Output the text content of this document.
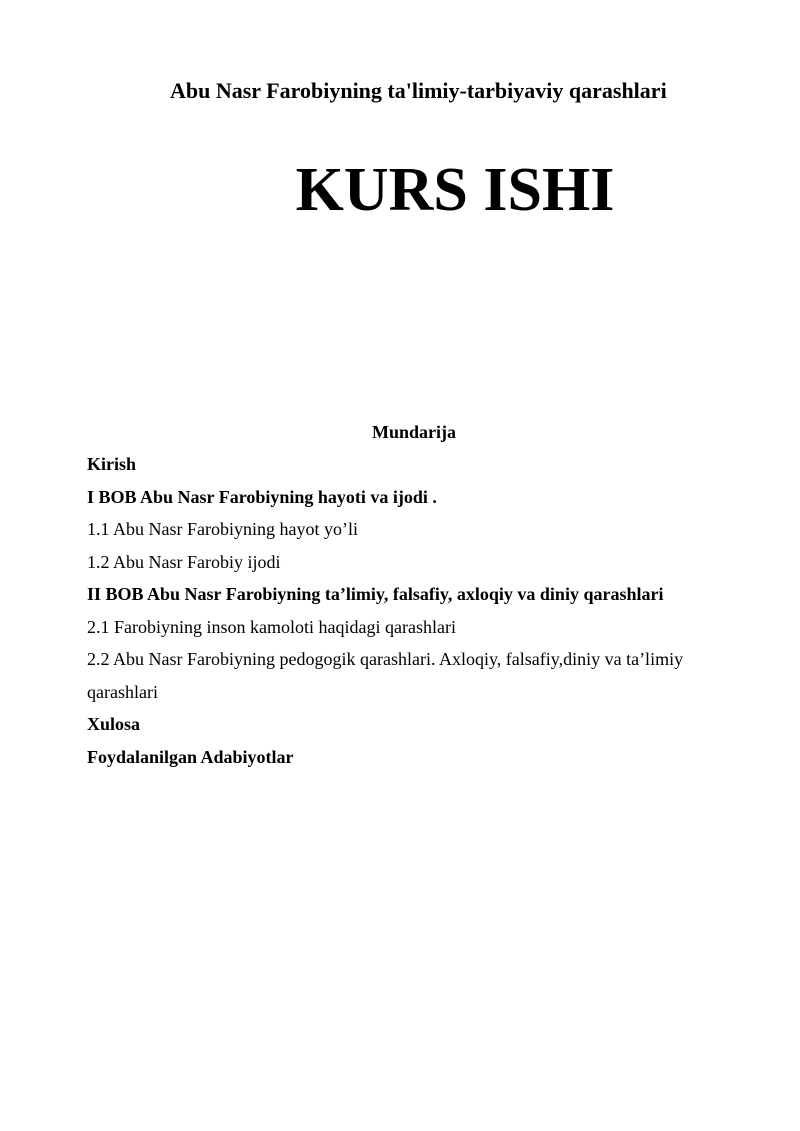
Abu Nasr Farobiyning ta'limiy-tarbiyaviy qarashlari
KURS ISHI
Mundarija
Kirish
I BOB Abu Nasr Farobiyning hayoti va ijodi .
1.1 Abu Nasr Farobiyning hayot yo’li
1.2 Abu Nasr Farobiy ijodi
II BOB Abu Nasr Farobiyning ta’limiy, falsafiy, axloqiy va diniy qarashlari
2.1 Farobiyning inson kamoloti haqidagi qarashlari
2.2 Abu Nasr Farobiyning pedogogik qarashlari. Axloqiy, falsafiy,diniy va ta’limiy qarashlari
Xulosa
Foydalanilgan Adabiyotlar
